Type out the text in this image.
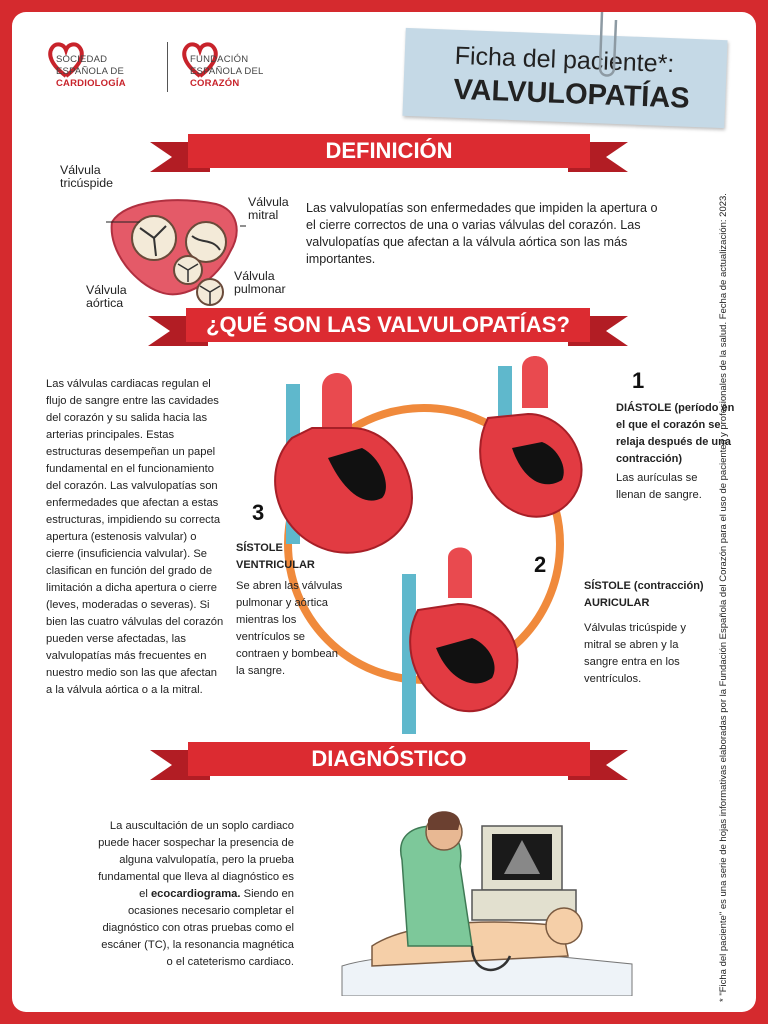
SOCIEDAD
ESPAÑOLA DE
CARDIOLOGÍA
FUNDACIÓN
ESPAÑOLA DEL
CORAZÓN
Ficha del paciente*:
VALVULOPATÍAS
DEFINICIÓN
Válvula
tricúspide
Válvula
mitral
Válvula
aórtica
Válvula
pulmonar
Las valvulopatías son enfermedades que impiden la apertura o el cierre correctos de una o varias válvulas del corazón. Las valvulopatías que afectan a la válvula aórtica son las más importantes.
¿QUÉ SON LAS VALVULOPATÍAS?
Las válvulas cardiacas regulan el flujo de sangre entre las cavidades del corazón y su salida hacia las arterias principales. Estas estructuras desempeñan un papel fundamental en el funcionamiento del corazón. Las valvulopatías son enfermedades que afectan a estas estructuras, impidiendo su correcta apertura (estenosis valvular) o cierre (insuficiencia valvular). Se clasifican en función del grado de limitación a dicha apertura o cierre (leves, moderadas o severas). Si bien las cuatro válvulas del corazón pueden verse afectadas, las valvulopatías más frecuentes en nuestro medio son las que afectan a la válvula aórtica o a la mitral.
1
DIÁSTOLE (período en el que el corazón se relaja después de una contracción)
Las aurículas se llenan de sangre.
2
SÍSTOLE (contracción)
AURICULAR
Válvulas tricúspide y mitral se abren y la sangre entra en los ventrículos.
3
SÍSTOLE
VENTRICULAR
Se abren las válvulas pulmonar y aórtica mientras los ventrículos se contraen y bombean la sangre.
DIAGNÓSTICO
La auscultación de un soplo cardiaco puede hacer sospechar la presencia de alguna valvulopatía, pero la prueba fundamental que lleva al diagnóstico es el ecocardiograma. Siendo en ocasiones necesario completar el diagnóstico con otras pruebas como el escáner (TC), la resonancia magnética o el cateterismo cardiaco.	* "Ficha del paciente" es una serie de hojas informativas elaboradas por la Fundación Española del Corazón para el uso de pacientes y profesionales de la salud. Fecha de actualización: 2023.
